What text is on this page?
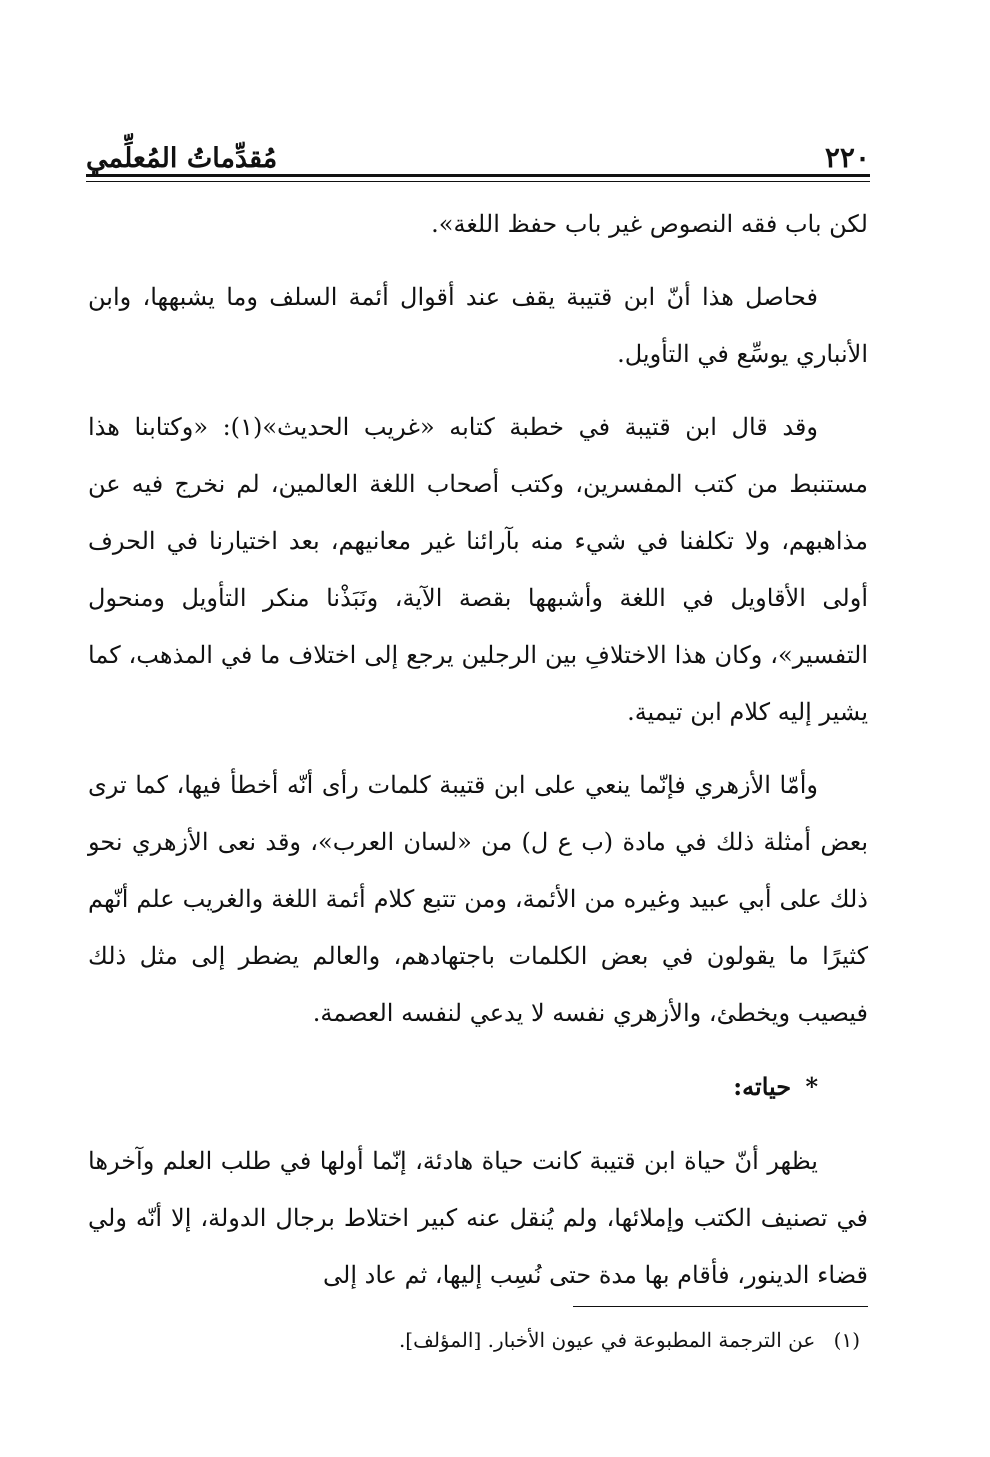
٢٢٠
مُقدِّماتُ المُعلِّمي

لكن باب فقه النصوص غير باب حفظ اللغة».

فحاصل هذا أنّ ابن قتيبة يقف عند أقوال أئمة السلف وما يشبهها، وابن الأنباري يوسِّع في التأويل.

وقد قال ابن قتيبة في خطبة كتابه «غريب الحديث»(١): «وكتابنا هذا مستنبط من كتب المفسرين، وكتب أصحاب اللغة العالمين، لم نخرج فيه عن مذاهبهم، ولا تكلفنا في شيء منه بآرائنا غير معانيهم، بعد اختيارنا في الحرف أولى الأقاويل في اللغة وأشبهها بقصة الآية، ونَبَذْنا منكر التأويل ومنحول التفسير»، وكان هذا الاختلافِ بين الرجلين يرجع إلى اختلاف ما في المذهب، كما يشير إليه كلام ابن تيمية.

وأمّا الأزهري فإنّما ينعي على ابن قتيبة كلمات رأى أنّه أخطأ فيها، كما ترى بعض أمثلة ذلك في مادة (ب ع ل) من «لسان العرب»، وقد نعى الأزهري نحو ذلك على أبي عبيد وغيره من الأئمة، ومن تتبع كلام أئمة اللغة والغريب علم أنّهم كثيرًا ما يقولون في بعض الكلمات باجتهادهم، والعالم يضطر إلى مثل ذلك فيصيب ويخطئ، والأزهري نفسه لا يدعي لنفسه العصمة.

* حياته:

يظهر أنّ حياة ابن قتيبة كانت حياة هادئة، إنّما أولها في طلب العلم وآخرها في تصنيف الكتب وإملائها، ولم يُنقل عنه كبير اختلاط برجال الدولة، إلا أنّه ولي قضاء الدينور، فأقام بها مدة حتى نُسِب إليها، ثم عاد إلى

(١) عن الترجمة المطبوعة في عيون الأخبار. [المؤلف].
